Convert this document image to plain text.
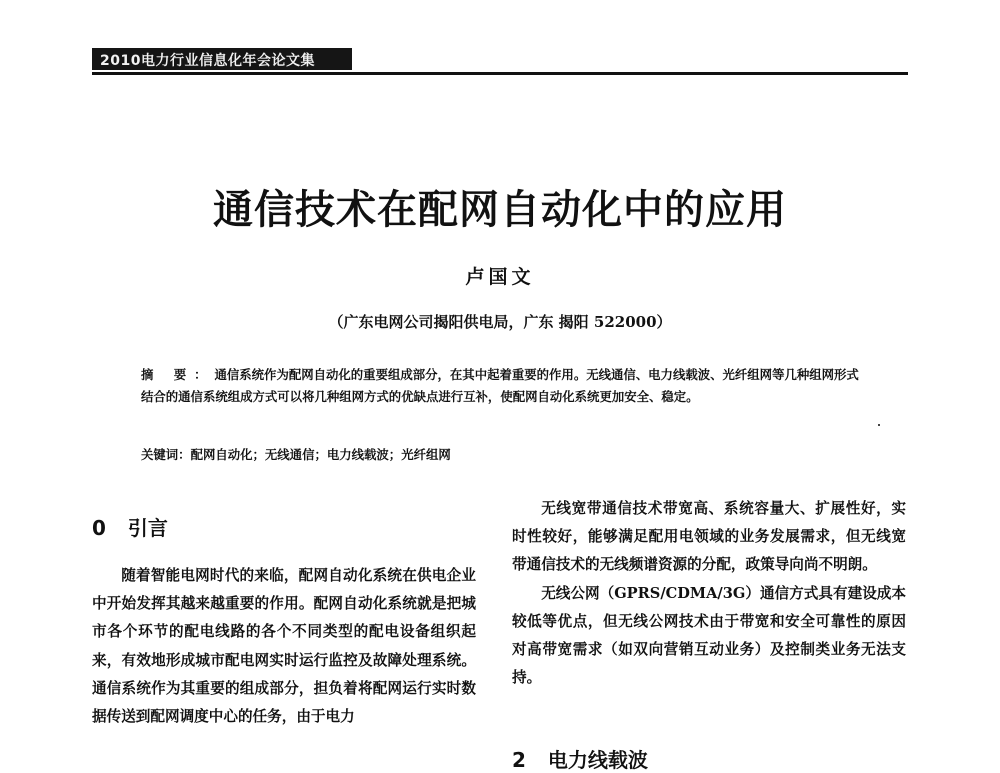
2010电力行业信息化年会论文集
通信技术在配网自动化中的应用
卢国文
（广东电网公司揭阳供电局，广东 揭阳 522000）
摘 要：通信系统作为配网自动化的重要组成部分，在其中起着重要的作用。无线通信、电力线载波、光纤组网等几种组网形式结合的通信系统组成方式可以将几种组网方式的优缺点进行互补，使配网自动化系统更加安全、稳定。
关键词：配网自动化；无线通信；电力线载波；光纤组网
0 引言

随着智能电网时代的来临，配网自动化系统在供电企业中开始发挥其越来越重要的作用。配网自动化系统就是把城市各个环节的配电线路的各个不同类型的配电设备组织起来，有效地形成城市配电网实时运行监控及故障处理系统。通信系统作为其重要的组成部分，担负着将配网运行实时数据传送到配网调度中心的任务，由于电力

无线宽带通信技术带宽高、系统容量大、扩展性好，实时性较好，能够满足配用电领域的业务发展需求，但无线宽带通信技术的无线频谱资源的分配，政策导向尚不明朗。

无线公网（GPRS/CDMA/3G）通信方式具有建设成本较低等优点，但无线公网技术由于带宽和安全可靠性的原因对高带宽需求（如双向营销互动业务）及控制类业务无法支持。

2 电力线载波
